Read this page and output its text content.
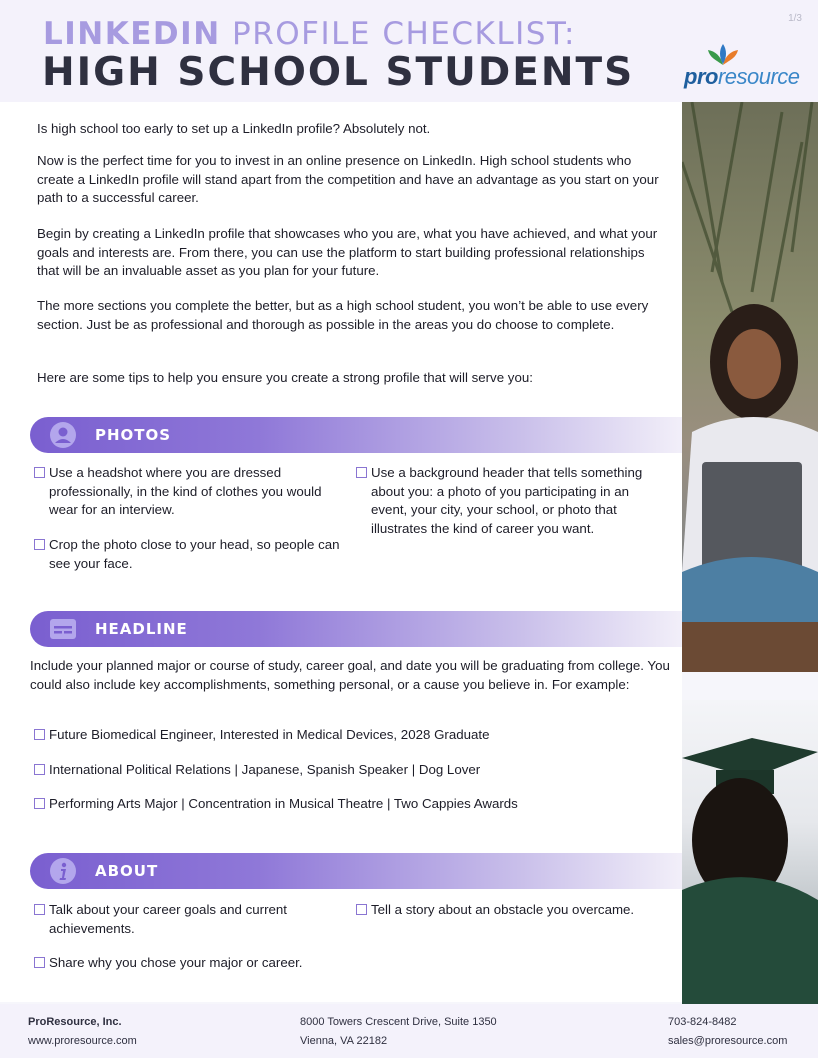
LINKEDIN PROFILE CHECKLIST:
HIGH SCHOOL STUDENTS
1/3
proresource

Is high school too early to set up a LinkedIn profile? Absolutely not.

Now is the perfect time for you to invest in an online presence on LinkedIn. High school students who create a LinkedIn profile will stand apart from the competition and have an advantage as you start on your path to a successful career.

Begin by creating a LinkedIn profile that showcases who you are, what you have achieved, and what your goals and interests are. From there, you can use the platform to start building professional relationships that will be an invaluable asset as you plan for your future.

The more sections you complete the better, but as a high school student, you won’t be able to use every section. Just be as professional and thorough as possible in the areas you do choose to complete.

Here are some tips to help you ensure you create a strong profile that will serve you:

PHOTOS
Use a headshot where you are dressed professionally, in the kind of clothes you would wear for an interview.
Crop the photo close to your head, so people can see your face.
Use a background header that tells something about you: a photo of you participating in an event, your city, your school, or photo that illustrates the kind of career you want.
HEADLINE
Include your planned major or course of study, career goal, and date you will be graduating from college. You could also include key accomplishments, something personal, or a cause you believe in. For example:
Future Biomedical Engineer, Interested in Medical Devices, 2028 Graduate
International Political Relations | Japanese, Spanish Speaker | Dog Lover
Performing Arts Major | Concentration in Musical Theatre | Two Cappies Awards
ABOUT
Talk about your career goals and current achievements.
Share why you chose your major or career.
Tell a story about an obstacle you overcame.
ProResource, Inc.
www.proresource.com
8000 Towers Crescent Drive, Suite 1350
Vienna, VA 22182
703-824-8482
sales@proresource.com
